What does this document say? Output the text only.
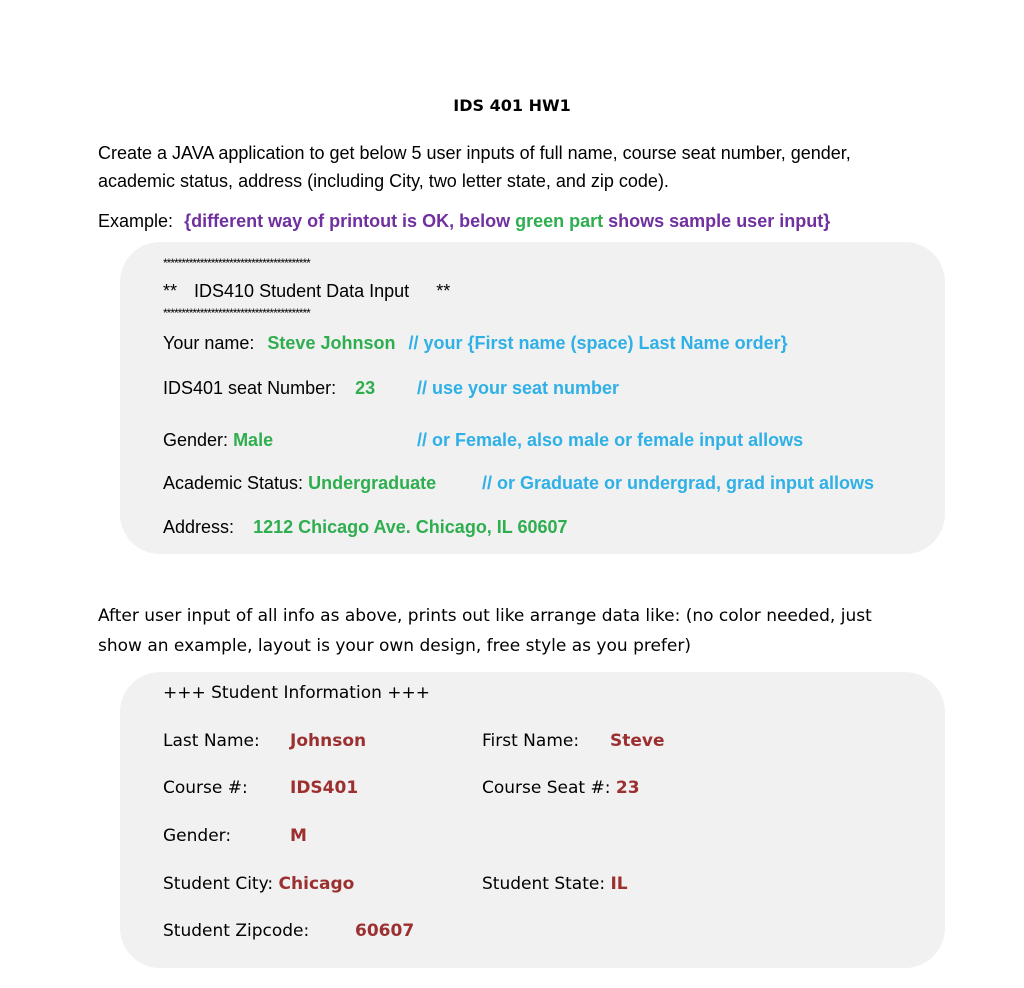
IDS 401 HW1
Create a JAVA application to get below 5 user inputs of full name, course seat number, gender,
academic status, address (including City, two letter state, and zip code).
Example: {different way of printout is OK, below green part shows sample user input}
****************************************
** IDS410 Student Data Input **
****************************************
Your name: Steve Johnson // your {First name (space) Last Name order}
IDS401 seat Number: 23 // use your seat number
Gender: Male	// or Female, also male or female input allows
Academic Status: Undergraduate	// or Graduate or undergrad, grad input allows
Address: 1212 Chicago Ave. Chicago, IL 60607
After user input of all info as above, prints out like arrange data like: (no color needed, just
show an example, layout is your own design, free style as you prefer)
+++ Student Information +++
Last Name: Johnson	First Name: Steve
Course #: IDS401	Course Seat #: 23
Gender:	M
Student City: Chicago	Student State: IL
Student Zipcode:	60607
